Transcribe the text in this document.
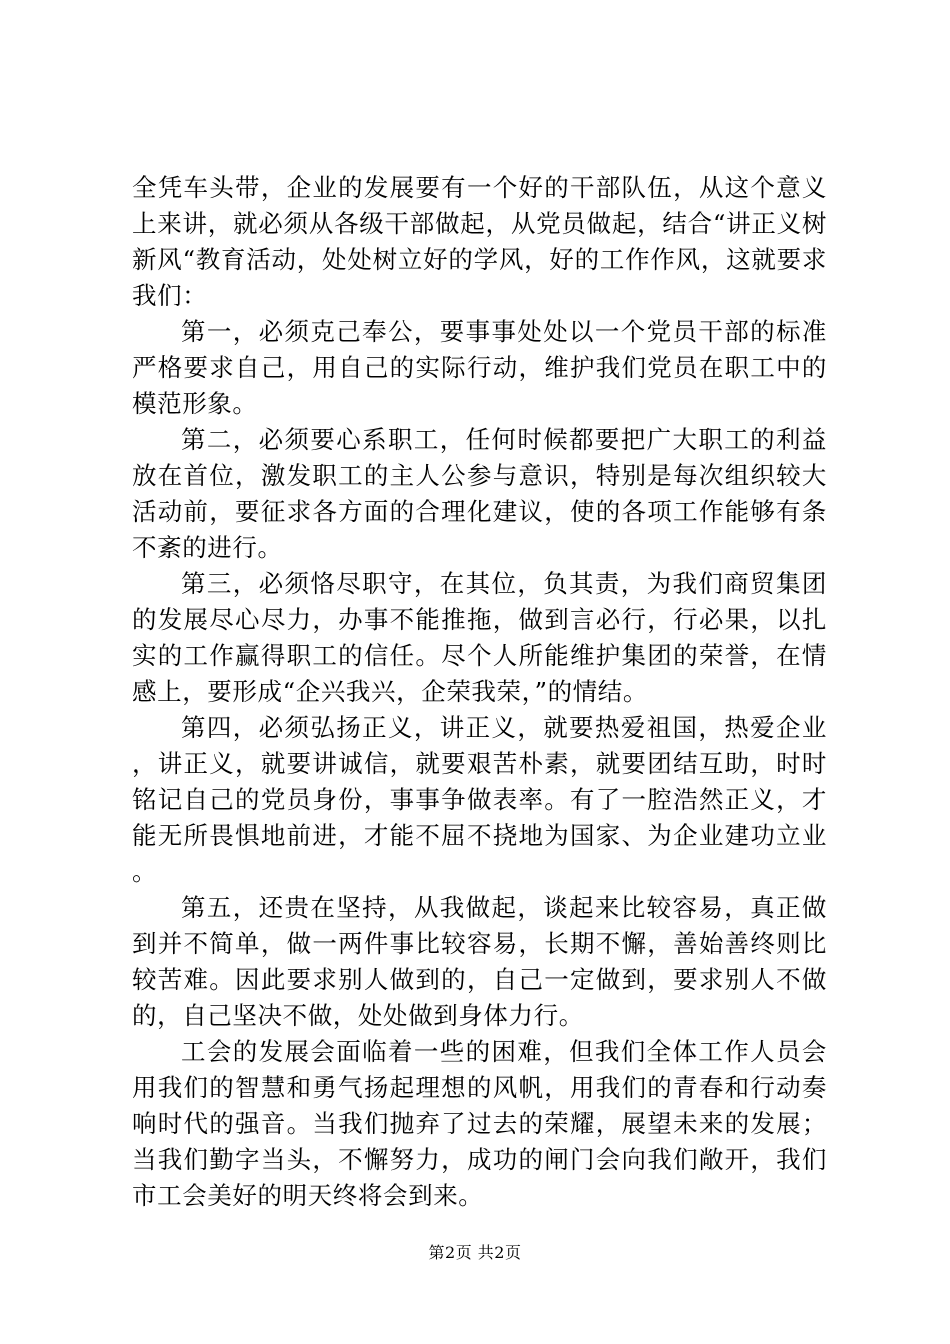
全凭车头带，企业的发展要有一个好的干部队伍，从这个意义上来讲，就必须从各级干部做起，从党员做起，结合“讲正义树新风“教育活动，处处树立好的学风，好的工作作风，这就要求我们：

第一，必须克己奉公，要事事处处以一个党员干部的标准严格要求自己，用自己的实际行动，维护我们党员在职工中的模范形象。

第二，必须要心系职工，任何时候都要把广大职工的利益放在首位，激发职工的主人公参与意识，特别是每次组织较大活动前，要征求各方面的合理化建议，使的各项工作能够有条不紊的进行。

第三，必须恪尽职守，在其位，负其责，为我们商贸集团的发展尽心尽力，办事不能推拖，做到言必行，行必果，以扎实的工作赢得职工的信任。尽个人所能维护集团的荣誉，在情感上，要形成“企兴我兴，企荣我荣，”的情结。

第四，必须弘扬正义，讲正义，就要热爱祖国，热爱企业，讲正义，就要讲诚信，就要艰苦朴素，就要团结互助，时时铭记自己的党员身份，事事争做表率。有了一腔浩然正义，才能无所畏惧地前进，才能不屈不挠地为国家、为企业建功立业。

第五，还贵在坚持，从我做起，谈起来比较容易，真正做到并不简单，做一两件事比较容易，长期不懈，善始善终则比较苦难。因此要求别人做到的，自己一定做到，要求别人不做的，自己坚决不做，处处做到身体力行。

工会的发展会面临着一些的困难，但我们全体工作人员会用我们的智慧和勇气扬起理想的风帆，用我们的青春和行动奏响时代的强音。当我们抛弃了过去的荣耀，展望未来的发展；当我们勤字当头，不懈努力，成功的闸门会向我们敞开，我们市工会美好的明天终将会到来。

第2页 共2页
